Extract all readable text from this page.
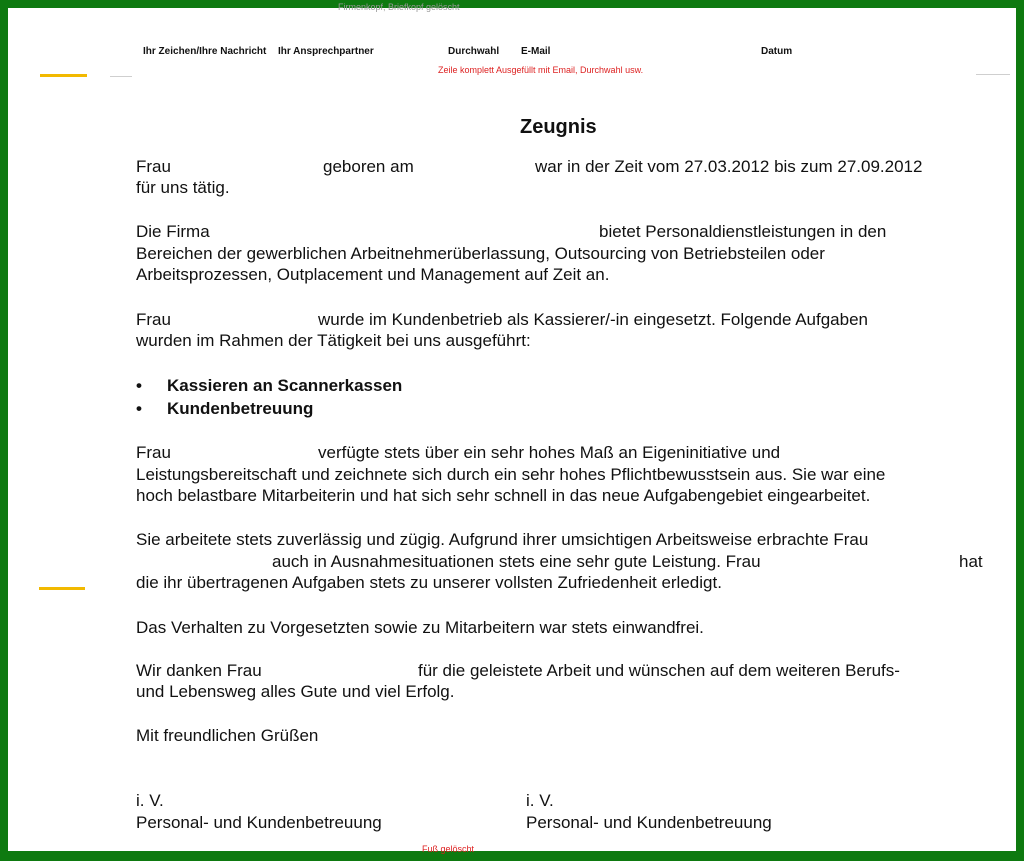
Firmenkopf, Briefkopf gelöscht
Ihr Zeichen/Ihre Nachricht Ihr Ansprechpartner	Durchwahl E-Mail	Datum
Zeile komplett Ausgefüllt mit Email, Durchwahl usw.
Zeugnis
Frau	geboren am	war in der Zeit vom 27.03.2012 bis zum 27.09.2012
für uns tätig.
Die Firma	bietet Personaldienstleistungen in den
Bereichen der gewerblichen Arbeitnehmerüberlassung, Outsourcing von Betriebsteilen oder
Arbeitsprozessen, Outplacement und Management auf Zeit an.
Frau	wurde im Kundenbetrieb als Kassierer/-in eingesetzt. Folgende Aufgaben
wurden im Rahmen der Tätigkeit bei uns ausgeführt:
• Kassieren an Scannerkassen
• Kundenbetreuung
Frau	verfügte stets über ein sehr hohes Maß an Eigeninitiative und
Leistungsbereitschaft und zeichnete sich durch ein sehr hohes Pflichtbewusstsein aus. Sie war eine
hoch belastbare Mitarbeiterin und hat sich sehr schnell in das neue Aufgabengebiet eingearbeitet.
Sie arbeitete stets zuverlässig und zügig. Aufgrund ihrer umsichtigen Arbeitsweise erbrachte Frau
auch in Ausnahmesituationen stets eine sehr gute Leistung. Frau	hat
die ihr übertragenen Aufgaben stets zu unserer vollsten Zufriedenheit erledigt.
Das Verhalten zu Vorgesetzten sowie zu Mitarbeitern war stets einwandfrei.
Wir danken Frau	für die geleistete Arbeit und wünschen auf dem weiteren Berufs-
und Lebensweg alles Gute und viel Erfolg.
Mit freundlichen Grüßen
i. V.
Personal- und Kundenbetreuung
i. V.
Personal- und Kundenbetreuung
Fuß gelöscht
